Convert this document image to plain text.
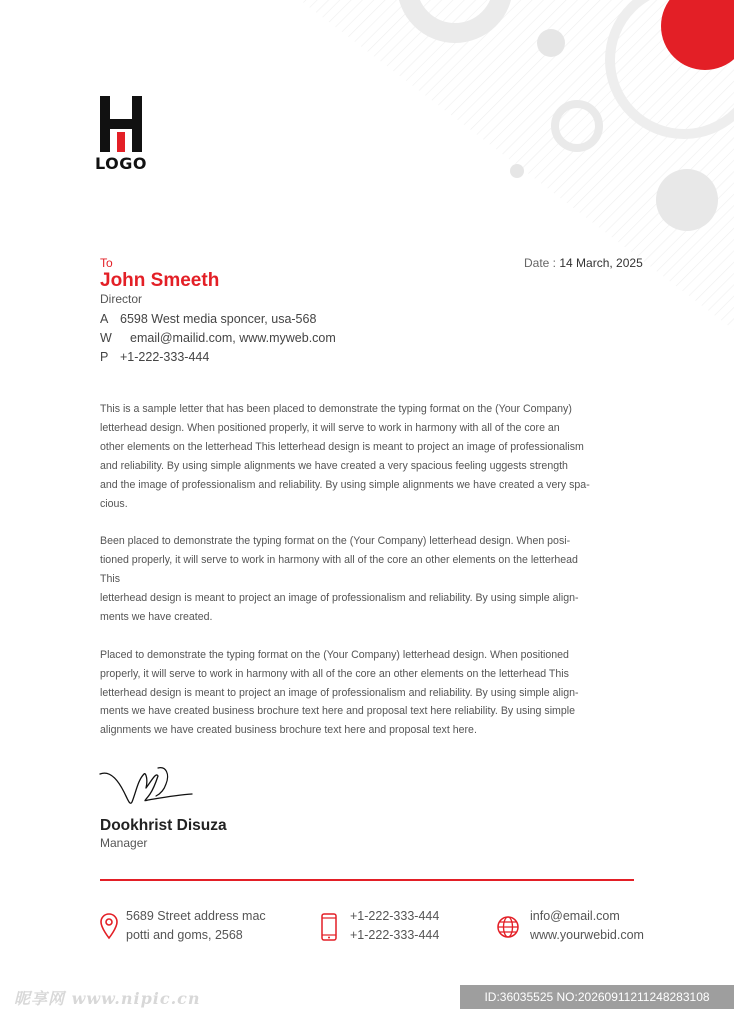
LOGO
To
John Smeeth
Director
Date : 14 March, 2025
A 6598 West media sponcer, usa-568
W email@mailid.com, www.myweb.com
P +1-222-333-444

This is a sample letter that has been placed to demonstrate the typing format on the (Your Company)
letterhead design. When positioned properly, it will serve to work in harmony with all of the core an
other elements on the letterhead This letterhead design is meant to project an image of professionalism
and reliability. By using simple alignments we have created a very spacious feeling uggests strength
and the image of professionalism and reliability. By using simple alignments we have created a very spa-
cious.

Been placed to demonstrate the typing format on the (Your Company) letterhead design. When posi-
tioned properly, it will serve to work in harmony with all of the core an other elements on the letterhead
This
letterhead design is meant to project an image of professionalism and reliability. By using simple align-
ments we have created.

Placed to demonstrate the typing format on the (Your Company) letterhead design. When positioned
properly, it will serve to work in harmony with all of the core an other elements on the letterhead This
letterhead design is meant to project an image of professionalism and reliability. By using simple align-
ments we have created business brochure text here and proposal text here reliability. By using simple
alignments we have created business brochure text here and proposal text here.

Dookhrist Disuza
Manager
5689 Street address mac
potti and goms, 2568
+1-222-333-444
+1-222-333-444
info@email.com
www.yourwebid.com
昵享网 www.nipic.cn	ID:36035525 NO:20260911211248283108
